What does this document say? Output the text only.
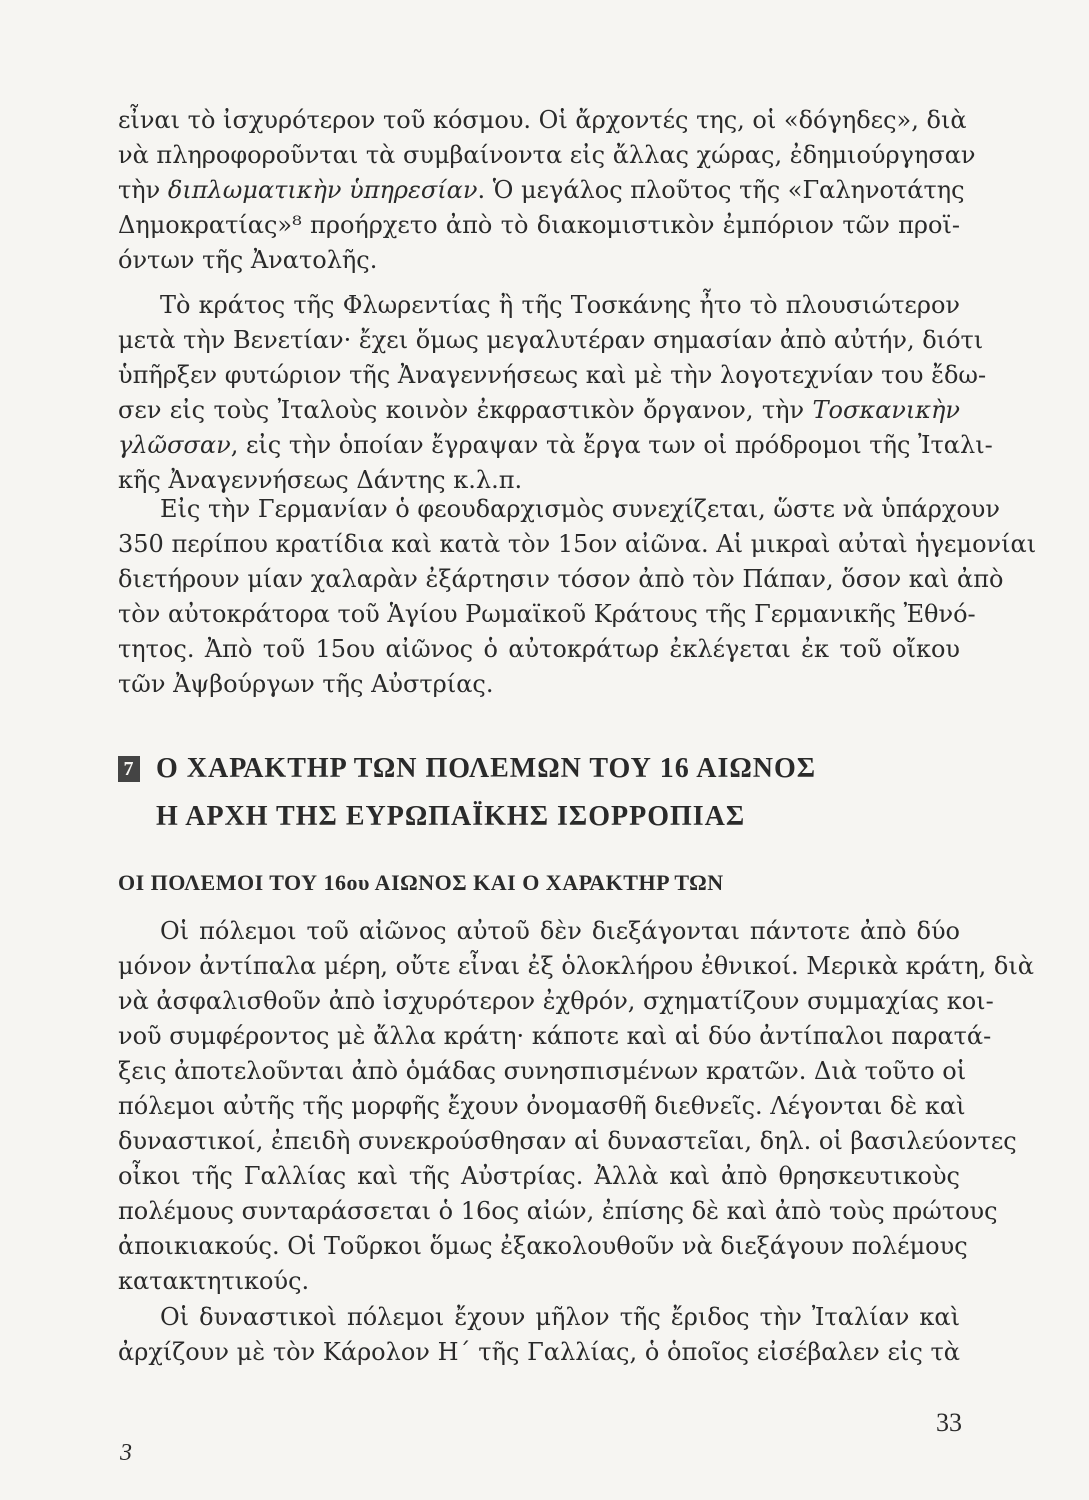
εἶναι τὸ ἰσχυρότερον τοῦ κόσμου. Οἱ ἄρχοντές της, οἱ «δόγηδες», διὰ
νὰ πληροφοροῦνται τὰ συμβαίνοντα εἰς ἄλλας χώρας, ἐδημιούργησαν
τὴν διπλωματικὴν ὑπηρεσίαν. Ὁ μεγάλος πλοῦτος τῆς «Γαληνοτάτης
Δημοκρατίας»⁸ προήρχετο ἀπὸ τὸ διακομιστικὸν ἐμπόριον τῶν προϊ-
όντων τῆς Ἀνατολῆς.
Τὸ κράτος τῆς Φλωρεντίας ἢ τῆς Τοσκάνης ἦτο τὸ πλουσιώτερον
μετὰ τὴν Βενετίαν· ἔχει ὅμως μεγαλυτέραν σημασίαν ἀπὸ αὐτήν, διότι
ὑπῆρξεν φυτώριον τῆς Ἀναγεννήσεως καὶ μὲ τὴν λογοτεχνίαν του ἔδω-
σεν εἰς τοὺς Ἰταλοὺς κοινὸν ἐκφραστικὸν ὄργανον, τὴν Τοσκανικὴν
γλῶσσαν, εἰς τὴν ὁποίαν ἔγραψαν τὰ ἔργα των οἱ πρόδρομοι τῆς Ἰταλι-
κῆς Ἀναγεννήσεως Δάντης κ.λ.π.
Εἰς τὴν Γερμανίαν ὁ φεουδαρχισμὸς συνεχίζεται, ὥστε νὰ ὑπάρχουν
350 περίπου κρατίδια καὶ κατὰ τὸν 15ον αἰῶνα. Αἱ μικραὶ αὐταὶ ἡγεμονίαι
διετήρουν μίαν χαλαρὰν ἐξάρτησιν τόσον ἀπὸ τὸν Πάπαν, ὅσον καὶ ἀπὸ
τὸν αὐτοκράτορα τοῦ Ἁγίου Ρωμαϊκοῦ Κράτους τῆς Γερμανικῆς Ἐθνό-
τητος. Ἀπὸ τοῦ 15ου αἰῶνος ὁ αὐτοκράτωρ ἐκλέγεται ἐκ τοῦ οἴκου
τῶν Ἀψβούργων τῆς Αὐστρίας.
7 Ο ΧΑΡΑΚΤΗΡ ΤΩΝ ΠΟΛΕΜΩΝ ΤΟΥ 16 ΑΙΩΝΟΣ
Η ΑΡΧΗ ΤΗΣ ΕΥΡΩΠΑΪΚΗΣ ΙΣΟΡΡΟΠΙΑΣ
ΟΙ ΠΟΛΕΜΟΙ ΤΟΥ 16ου ΑΙΩΝΟΣ ΚΑΙ Ο ΧΑΡΑΚΤΗΡ ΤΩΝ
Οἱ πόλεμοι τοῦ αἰῶνος αὐτοῦ δὲν διεξάγονται πάντοτε ἀπὸ δύο
μόνον ἀντίπαλα μέρη, οὔτε εἶναι ἐξ ὁλοκλήρου ἐθνικοί. Μερικὰ κράτη, διὰ
νὰ ἀσφαλισθοῦν ἀπὸ ἰσχυρότερον ἐχθρόν, σχηματίζουν συμμαχίας κοι-
νοῦ συμφέροντος μὲ ἄλλα κράτη· κάποτε καὶ αἱ δύο ἀντίπαλοι παρατά-
ξεις ἀποτελοῦνται ἀπὸ ὁμάδας συνησπισμένων κρατῶν. Διὰ τοῦτο οἱ
πόλεμοι αὐτῆς τῆς μορφῆς ἔχουν ὀνομασθῆ διεθνεῖς. Λέγονται δὲ καὶ
δυναστικοί, ἐπειδὴ συνεκρούσθησαν αἱ δυναστεῖαι, δηλ. οἱ βασιλεύοντες
οἶκοι τῆς Γαλλίας καὶ τῆς Αὐστρίας. Ἀλλὰ καὶ ἀπὸ θρησκευτικοὺς
πολέμους συνταράσσεται ὁ 16ος αἰών, ἐπίσης δὲ καὶ ἀπὸ τοὺς πρώτους
ἀποικιακούς. Οἱ Τοῦρκοι ὅμως ἐξακολουθοῦν νὰ διεξάγουν πολέμους
κατακτητικούς.
Οἱ δυναστικοὶ πόλεμοι ἔχουν μῆλον τῆς ἔριδος τὴν Ἰταλίαν καὶ
ἀρχίζουν μὲ τὸν Κάρολον Η΄ τῆς Γαλλίας, ὁ ὁποῖος εἰσέβαλεν εἰς τὰ
33
3
